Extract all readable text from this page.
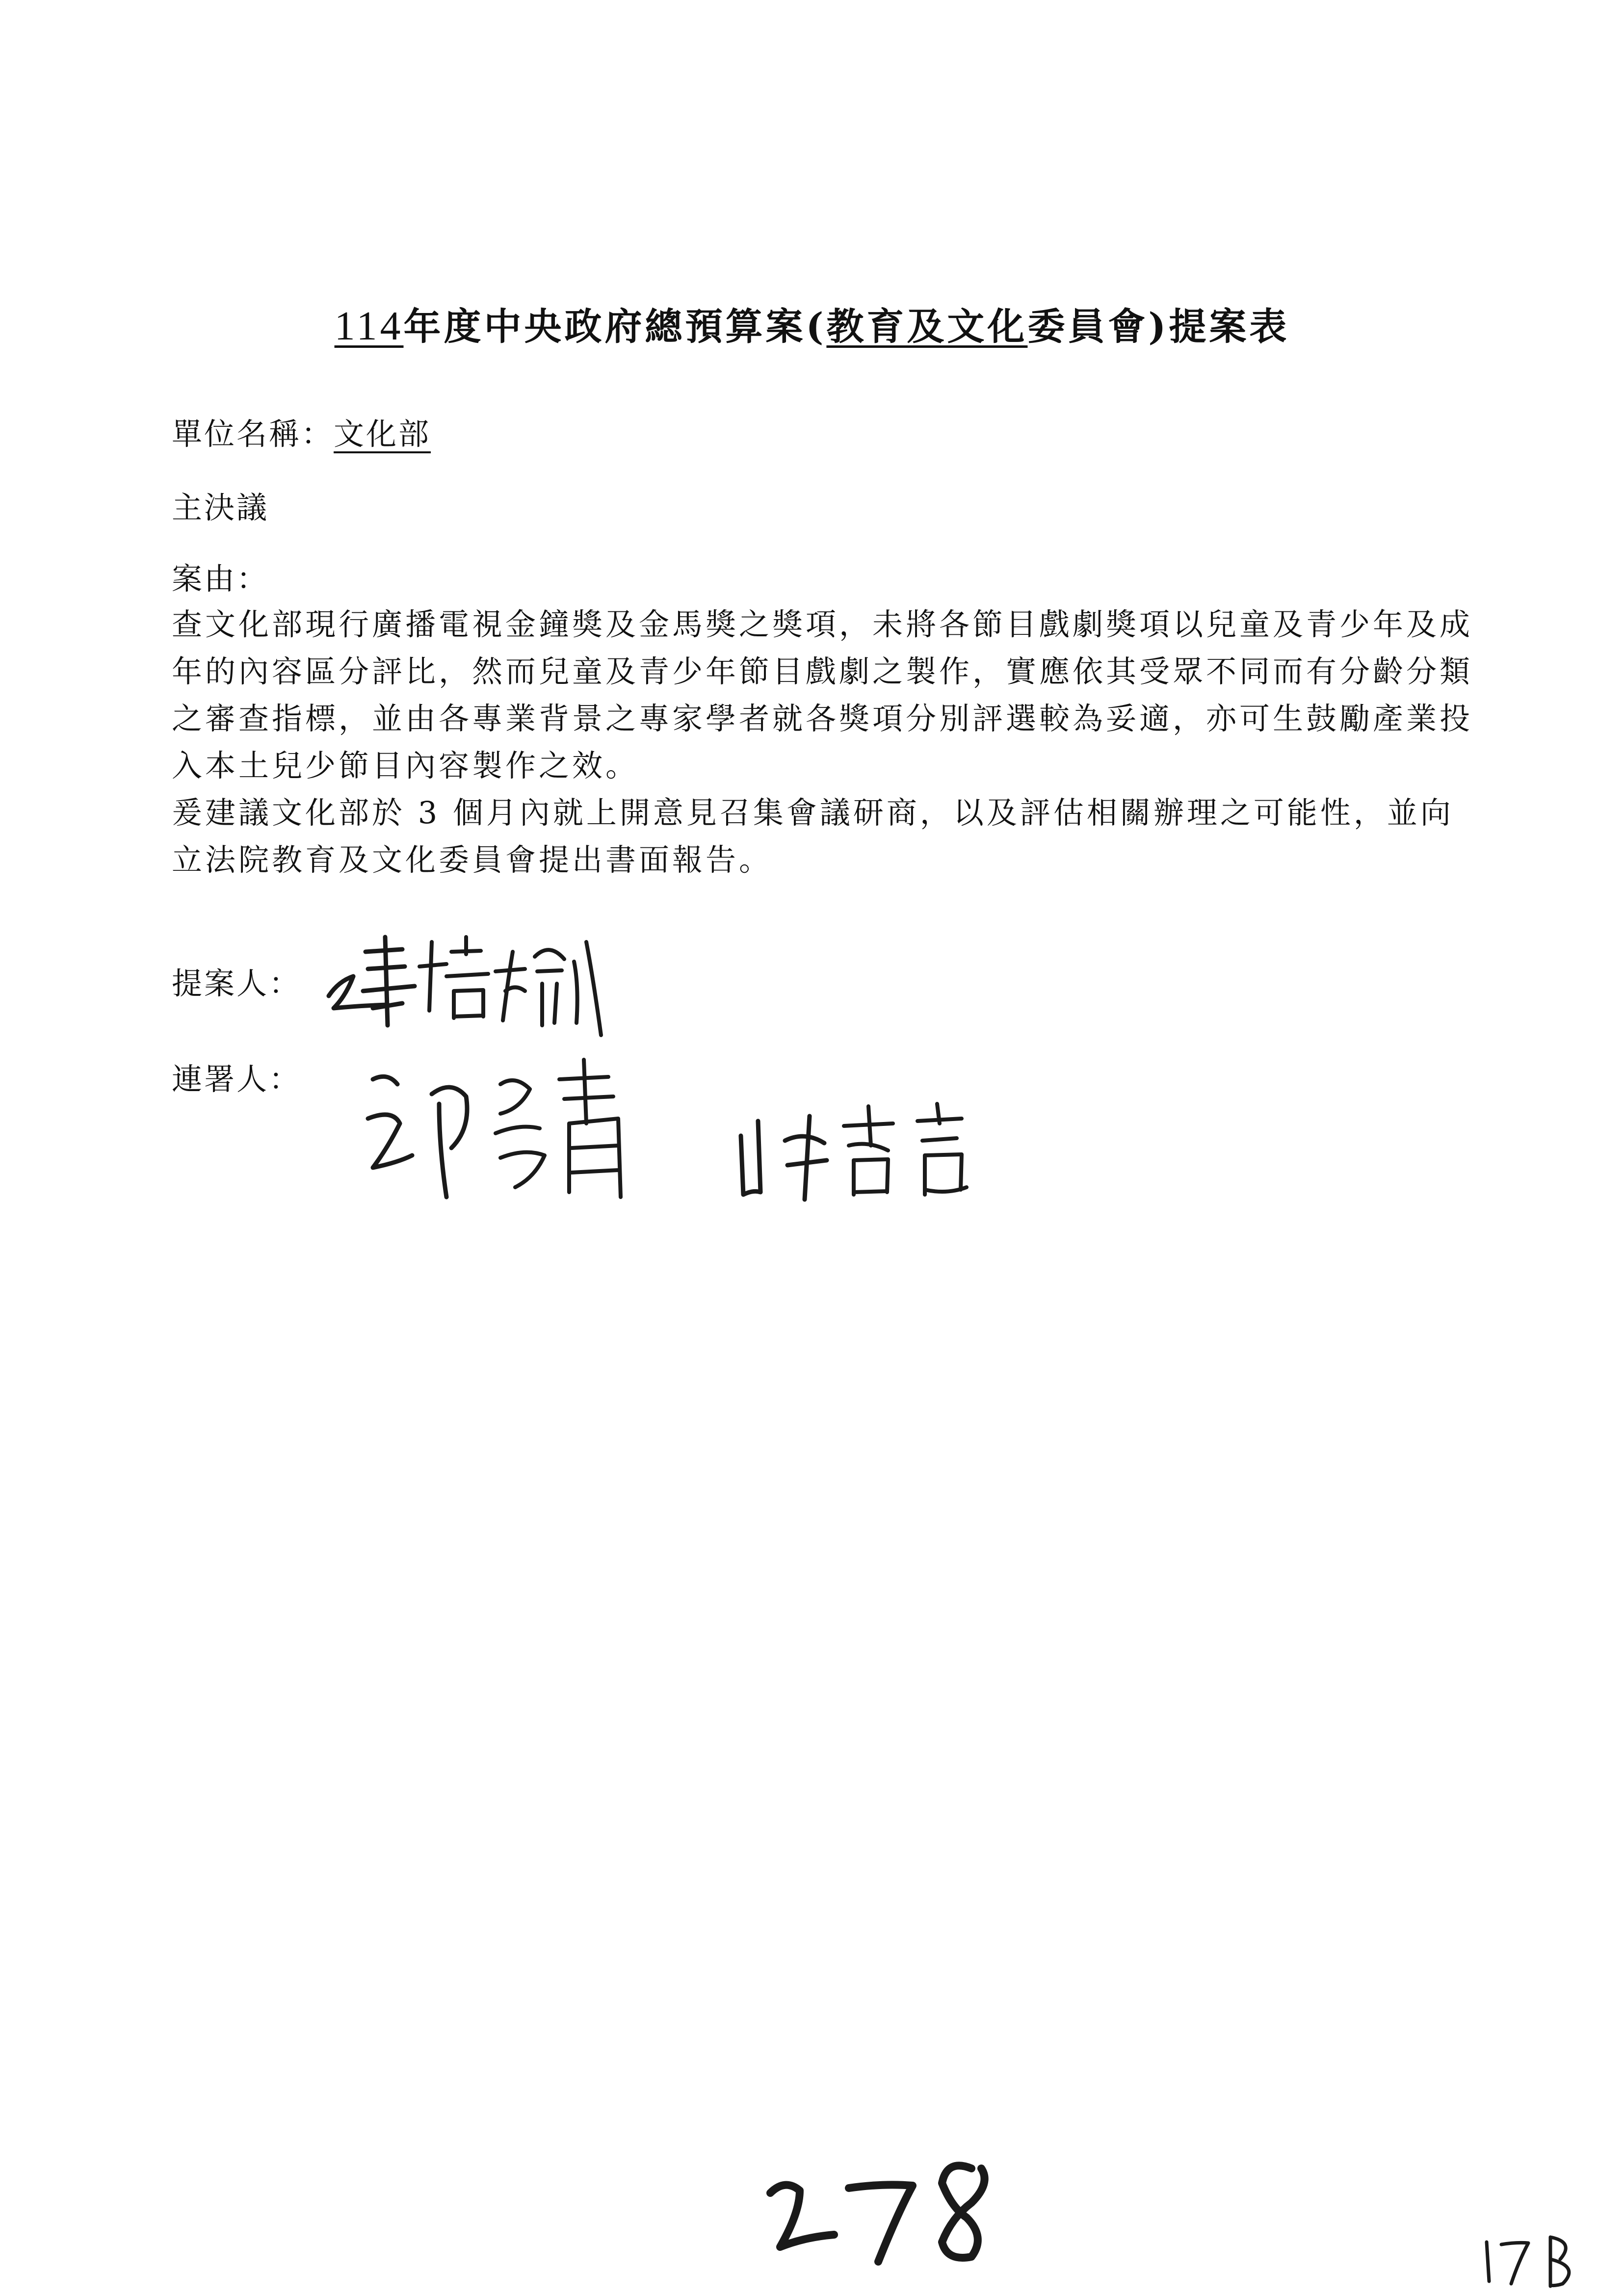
114年度中央政府總預算案(教育及文化委員會)提案表
單位名稱：文化部
主決議
案由：

查文化部現行廣播電視金鐘獎及金馬獎之獎項，未將各節目戲劇獎項以兒童及青少年及成年的內容區分評比，然而兒童及青少年節目戲劇之製作，實應依其受眾不同而有分齡分類之審查指標，並由各專業背景之專家學者就各獎項分別評選較為妥適，亦可生鼓勵產業投入本土兒少節目內容製作之效。

爰建議文化部於 3 個月內就上開意見召集會議研商，以及評估相關辦理之可能性，並向立法院教育及文化委員會提出書面報告。

提案人：
連署人：
